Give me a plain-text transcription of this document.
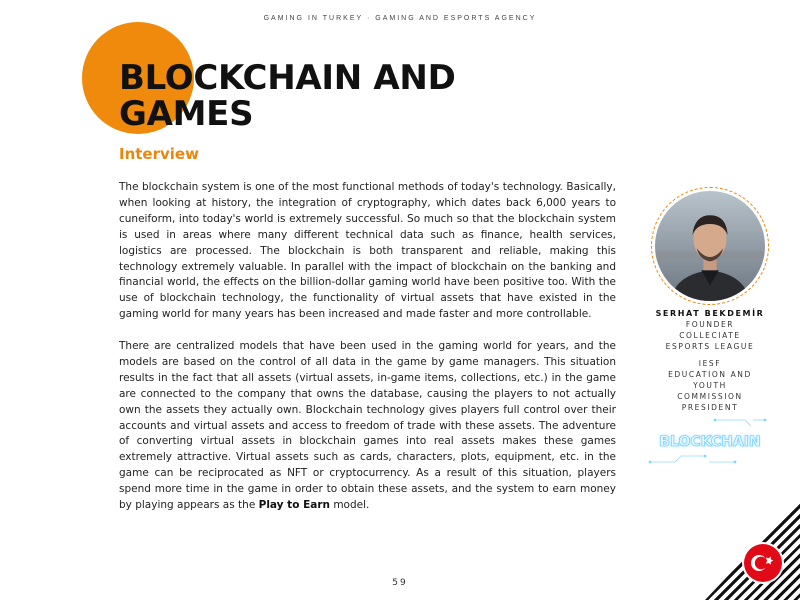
GAMING IN TURKEY · GAMING AND ESPORTS AGENCY
BLOCKCHAIN AND
GAMES
Interview

The blockchain system is one of the most functional methods of today's technology. Basically, when looking at history, the integration of cryptography, which dates back 6,000 years to cuneiform, into today's world is extremely successful. So much so that the blockchain system is used in areas where many different technical data such as finance, health services, logistics are processed. The blockchain is both transparent and reliable, making this technology extremely valuable. In parallel with the impact of blockchain on the banking and financial world, the effects on the billion-dollar gaming world have been positive too. With the use of blockchain technology, the functionality of virtual assets that have existed in the gaming world for many years has been increased and made faster and more controllable.

There are centralized models that have been used in the gaming world for years, and the models are based on the control of all data in the game by game managers. This situation results in the fact that all assets (virtual assets, in-game items, collections, etc.) in the game are connected to the company that owns the database, causing the players to not actually own the assets they actually own. Blockchain technology gives players full control over their accounts and virtual assets and access to freedom of trade with these assets. The adventure of converting virtual assets in blockchain games into real assets makes these games extremely attractive. Virtual assets such as cards, characters, plots, equipment, etc. in the game can be reciprocated as NFT or cryptocurrency. As a result of this situation, players spend more time in the game in order to obtain these assets, and the system to earn money by playing appears as the Play to Earn model.

SERHAT BEKDEMİR
FOUNDER
COLLECIATE
ESPORTS LEAGUE
IESF
EDUCATION AND
YOUTH
COMMISSION
PRESIDENT
BLOCKCHAIN
59
